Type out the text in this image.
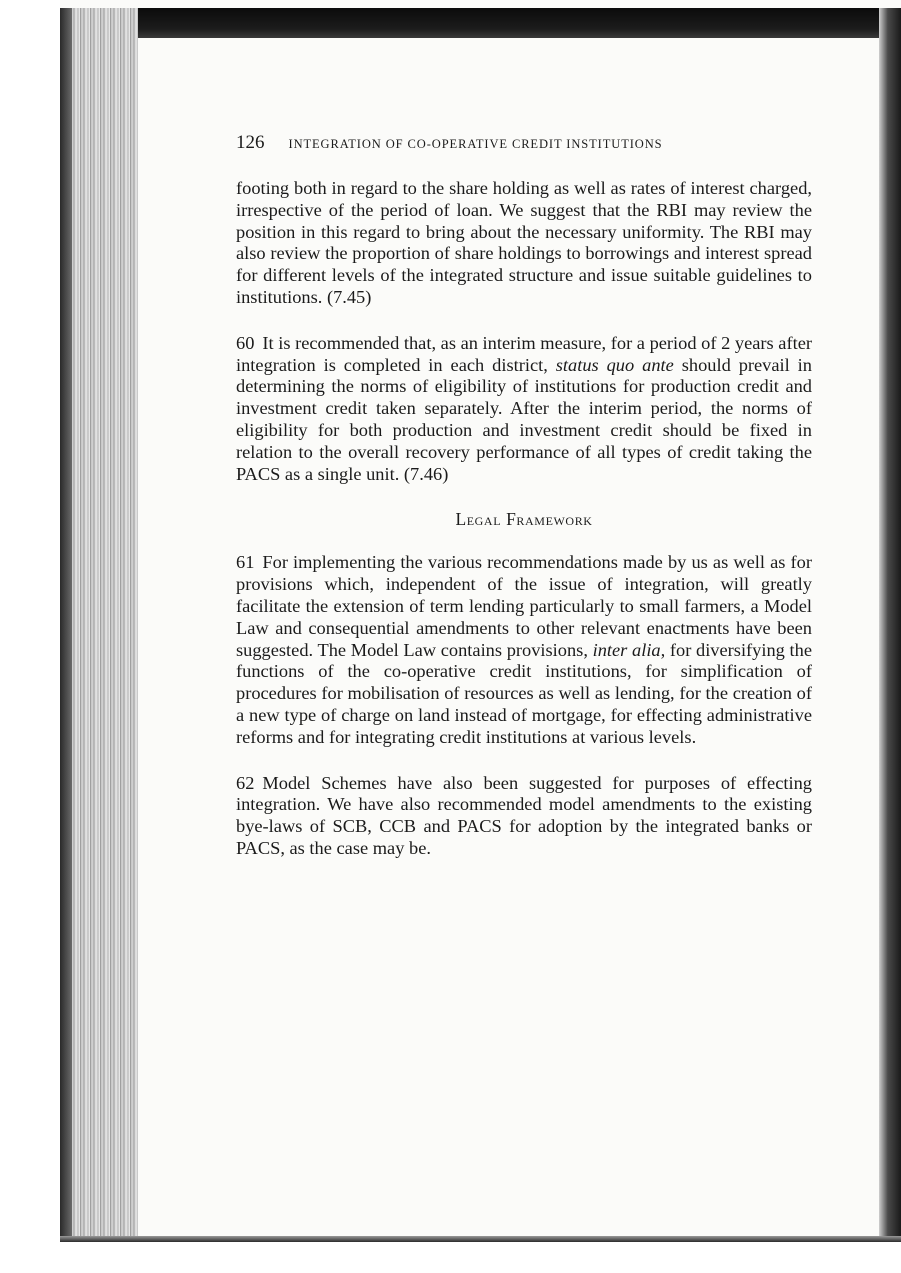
126 INTEGRATION OF CO-OPERATIVE CREDIT INSTITUTIONS

footing both in regard to the share holding as well as rates of interest charged, irrespective of the period of loan. We suggest that the RBI may review the position in this regard to bring about the necessary uniformity. The RBI may also review the proportion of share holdings to borrowings and interest spread for different levels of the integrated structure and issue suitable guidelines to institutions. (7.45)

60 It is recommended that, as an interim measure, for a period of 2 years after integration is completed in each district, status quo ante should prevail in determining the norms of eligibility of institutions for production credit and investment credit taken separately. After the interim period, the norms of eligibility for both production and investment credit should be fixed in relation to the overall recovery performance of all types of credit taking the PACS as a single unit. (7.46)

Legal Framework

61 For implementing the various recommendations made by us as well as for provisions which, independent of the issue of integration, will greatly facilitate the extension of term lending particularly to small farmers, a Model Law and consequential amendments to other relevant enactments have been suggested. The Model Law contains provisions, inter alia, for diversifying the functions of the co-operative credit institutions, for simplification of procedures for mobilisation of resources as well as lending, for the creation of a new type of charge on land instead of mortgage, for effecting administrative reforms and for integrating credit institutions at various levels.

62 Model Schemes have also been suggested for purposes of effecting integration. We have also recommended model amendments to the existing bye-laws of SCB, CCB and PACS for adoption by the integrated banks or PACS, as the case may be.
